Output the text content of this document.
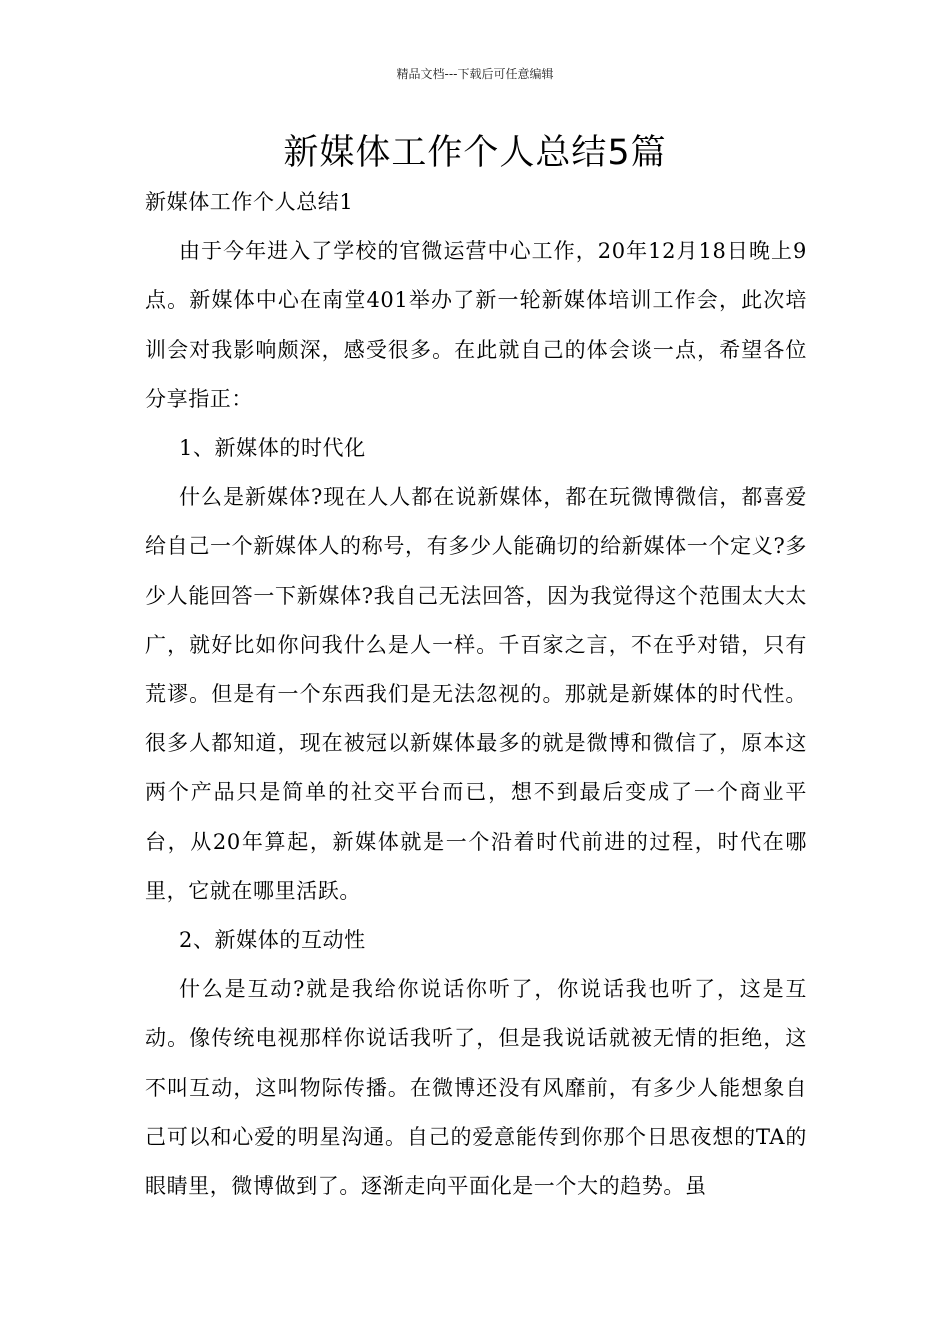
精品文档---下载后可任意编辑
新媒体工作个人总结5篇

新媒体工作个人总结1

由于今年进入了学校的官微运营中心工作，20年12月18日晚上9点。新媒体中心在南堂401举办了新一轮新媒体培训工作会，此次培训会对我影响颇深，感受很多。在此就自己的体会谈一点，希望各位分享指正：

1、新媒体的时代化

什么是新媒体?现在人人都在说新媒体，都在玩微博微信，都喜爱给自己一个新媒体人的称号，有多少人能确切的给新媒体一个定义?多少人能回答一下新媒体?我自己无法回答，因为我觉得这个范围太大太广，就好比如你问我什么是人一样。千百家之言，不在乎对错，只有荒谬。但是有一个东西我们是无法忽视的。那就是新媒体的时代性。很多人都知道，现在被冠以新媒体最多的就是微博和微信了，原本这两个产品只是简单的社交平台而已，想不到最后变成了一个商业平台，从20年算起，新媒体就是一个沿着时代前进的过程，时代在哪里，它就在哪里活跃。

2、新媒体的互动性

什么是互动?就是我给你说话你听了，你说话我也听了，这是互动。像传统电视那样你说话我听了，但是我说话就被无情的拒绝，这不叫互动，这叫物际传播。在微博还没有风靡前，有多少人能想象自己可以和心爱的明星沟通。自己的爱意能传到你那个日思夜想的TA的眼睛里，微博做到了。逐渐走向平面化是一个大的趋势。虽
